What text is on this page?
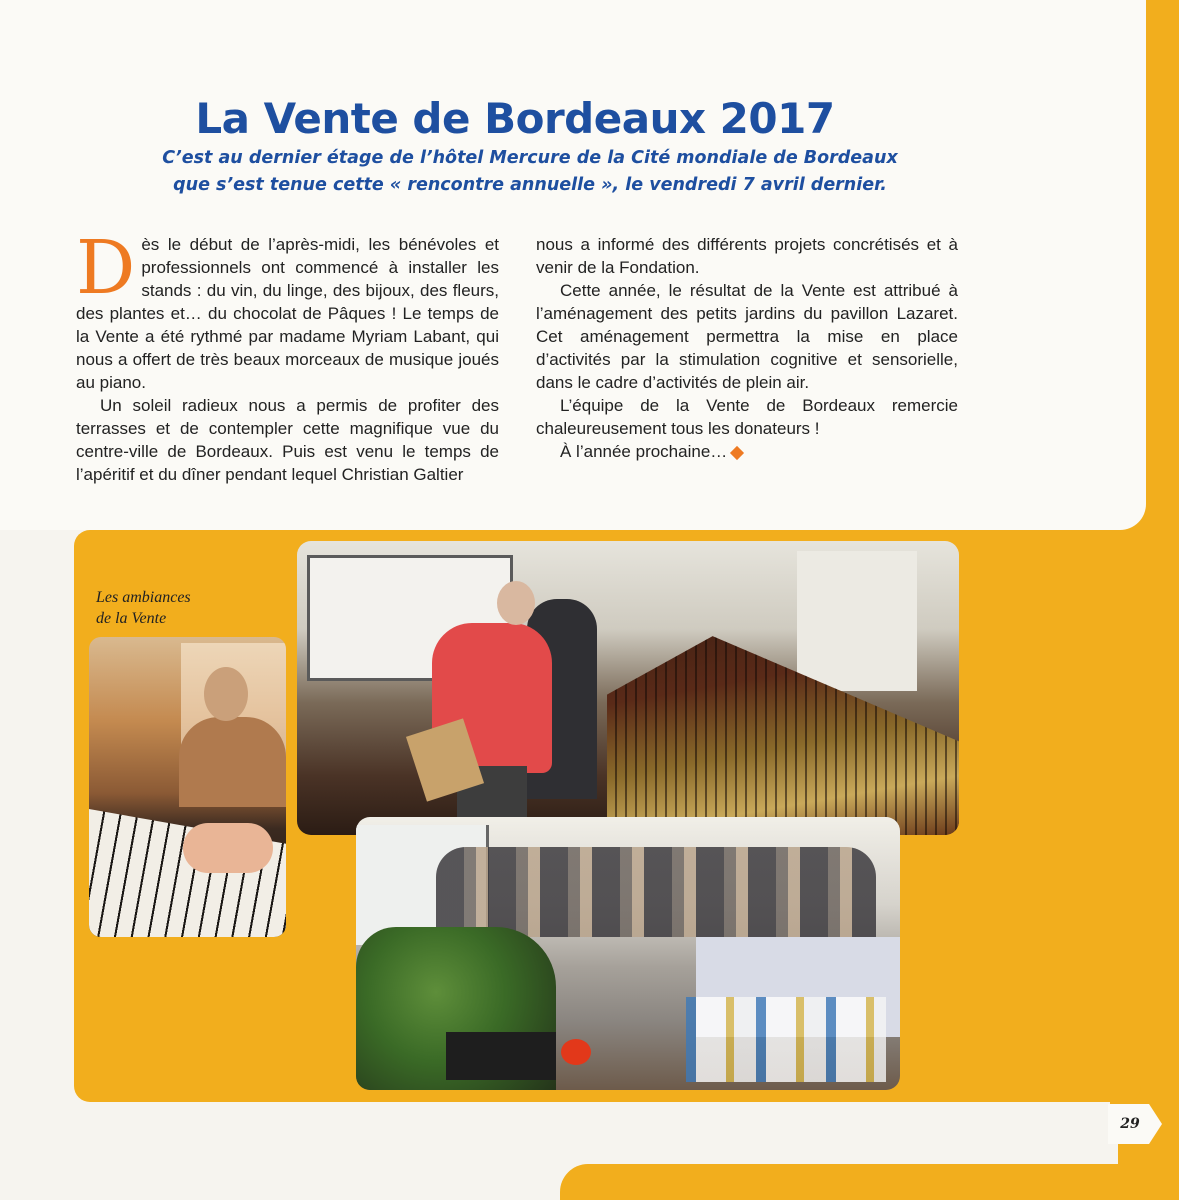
La Vente de Bordeaux 2017
C’est au dernier étage de l’hôtel Mercure de la Cité mondiale de Bordeaux
que s’est tenue cette « rencontre annuelle », le vendredi 7 avril dernier.

Dès le début de l’après-midi, les bénévoles et professionnels ont commencé à installer les stands : du vin, du linge, des bijoux, des fleurs, des plantes et… du chocolat de Pâques ! Le temps de la Vente a été rythmé par madame Myriam Labant, qui nous a offert de très beaux morceaux de musique joués au piano.

Un soleil radieux nous a permis de profiter des terrasses et de contempler cette magnifique vue du centre-ville de Bordeaux. Puis est venu le temps de l’apéritif et du dîner pendant lequel Christian Galtier

nous a informé des différents projets concrétisés et à venir de la Fondation.

Cette année, le résultat de la Vente est attribué à l’aménagement des petits jardins du pavillon Lazaret. Cet aménagement permettra la mise en place d’activités par la stimulation cognitive et sensorielle, dans le cadre d’activités de plein air.

L’équipe de la Vente de Bordeaux remercie chaleureusement tous les donateurs !

À l’année prochaine…

Les ambiances
de la Vente
29
